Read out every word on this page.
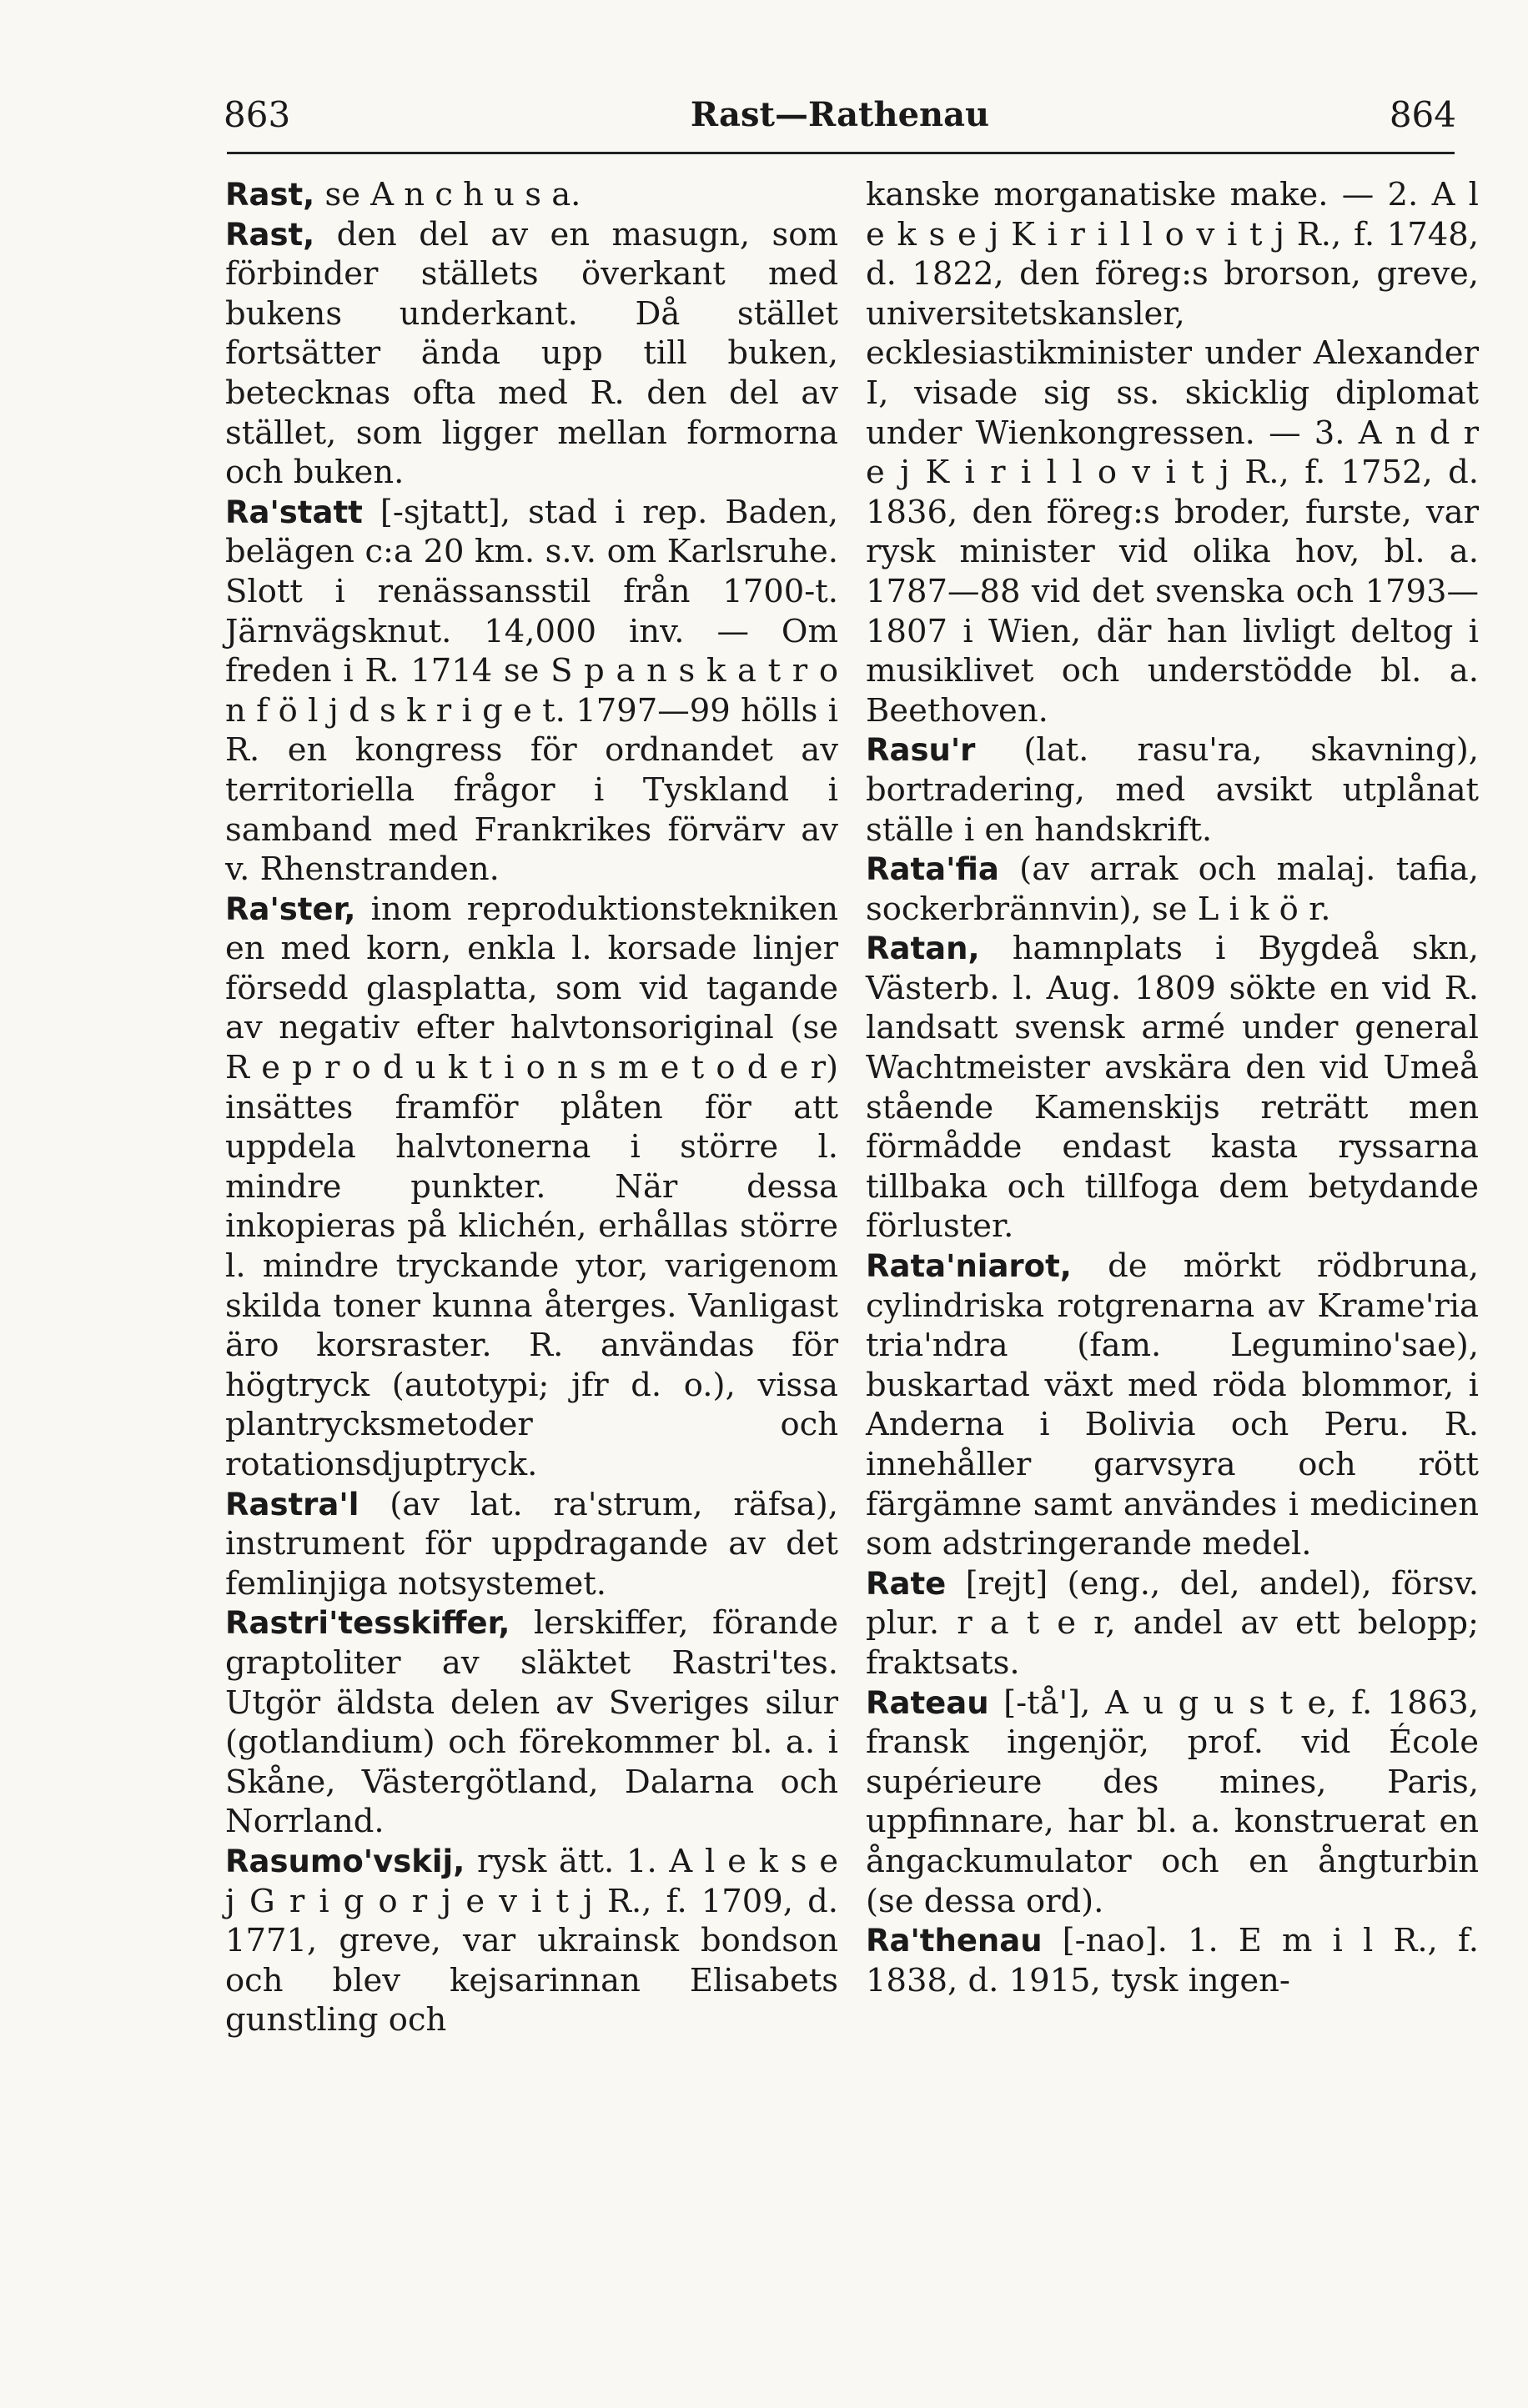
863	Rast—Rathenau	864

Rast, se A n c h u s a.

Rast, den del av en masugn, som förbinder ställets överkant med bukens underkant. Då stället fortsätter ända upp till buken, betecknas ofta med R. den del av stället, som ligger mellan formorna och buken.

Ra'statt [-sjtatt], stad i rep. Baden, belägen c:a 20 km. s.v. om Karlsruhe. Slott i renässansstil från 1700-t. Järnvägsknut. 14,000 inv. — Om freden i R. 1714 se S p a n s k a t r o n f ö l j d s k r i g e t. 1797—99 hölls i R. en kongress för ordnandet av territoriella frågor i Tyskland i samband med Frankrikes förvärv av v. Rhenstranden.

Ra'ster, inom reproduktionstekniken en med korn, enkla l. korsade linjer försedd glasplatta, som vid tagande av negativ efter halvtonsoriginal (se R e p r o d u k t i o n s m e t o d e r) insättes framför plåten för att uppdela halvtonerna i större l. mindre punkter. När dessa inkopieras på klichén, erhållas större l. mindre tryckande ytor, varigenom skilda toner kunna återges. Vanligast äro korsraster. R. användas för högtryck (autotypi; jfr d. o.), vissa plantrycksmetoder och rotationsdjuptryck.

Rastra'l (av lat. ra'strum, räfsa), instrument för uppdragande av det femlinjiga notsystemet.

Rastri'tesskiffer, lerskiffer, förande graptoliter av släktet Rastri'tes. Utgör äldsta delen av Sveriges silur (gotlandium) och förekommer bl. a. i Skåne, Västergötland, Dalarna och Norrland.

Rasumo'vskij, rysk ätt. 1. A l e k s e j G r i g o r j e v i t j R., f. 1709, d. 1771, greve, var ukrainsk bondson och blev kejsarinnan Elisabets gunstling och

kanske morganatiske make. — 2. A l e k s e j K i r i l l o v i t j R., f. 1748, d. 1822, den föreg:s brorson, greve, universitetskansler, ecklesiastikminister under Alexander I, visade sig ss. skicklig diplomat under Wienkongressen. — 3. A n d r e j K i r i l l o v i t j R., f. 1752, d. 1836, den föreg:s broder, furste, var rysk minister vid olika hov, bl. a. 1787—88 vid det svenska och 1793—1807 i Wien, där han livligt deltog i musiklivet och understödde bl. a. Beethoven.

Rasu'r (lat. rasu'ra, skavning), bortradering, med avsikt utplånat ställe i en handskrift.

Rata'fia (av arrak och malaj. tafia, sockerbrännvin), se L i k ö r.

Ratan, hamnplats i Bygdeå skn, Västerb. l. Aug. 1809 sökte en vid R. landsatt svensk armé under general Wachtmeister avskära den vid Umeå stående Kamenskijs reträtt men förmådde endast kasta ryssarna tillbaka och tillfoga dem betydande förluster.

Rata'niarot, de mörkt rödbruna, cylindriska rotgrenarna av Krame'ria tria'ndra (fam. Legumino'sae), buskartad växt med röda blommor, i Anderna i Bolivia och Peru. R. innehåller garvsyra och rött färgämne samt användes i medicinen som adstringerande medel.

Rate [rejt] (eng., del, andel), försv. plur. r a t e r, andel av ett belopp; fraktsats.

Rateau [-tå'], A u g u s t e, f. 1863, fransk ingenjör, prof. vid École supérieure des mines, Paris, uppfinnare, har bl. a. konstruerat en ångackumulator och en ångturbin (se dessa ord).

Ra'thenau [-nao]. 1. E m i l R., f. 1838, d. 1915, tysk ingen-
